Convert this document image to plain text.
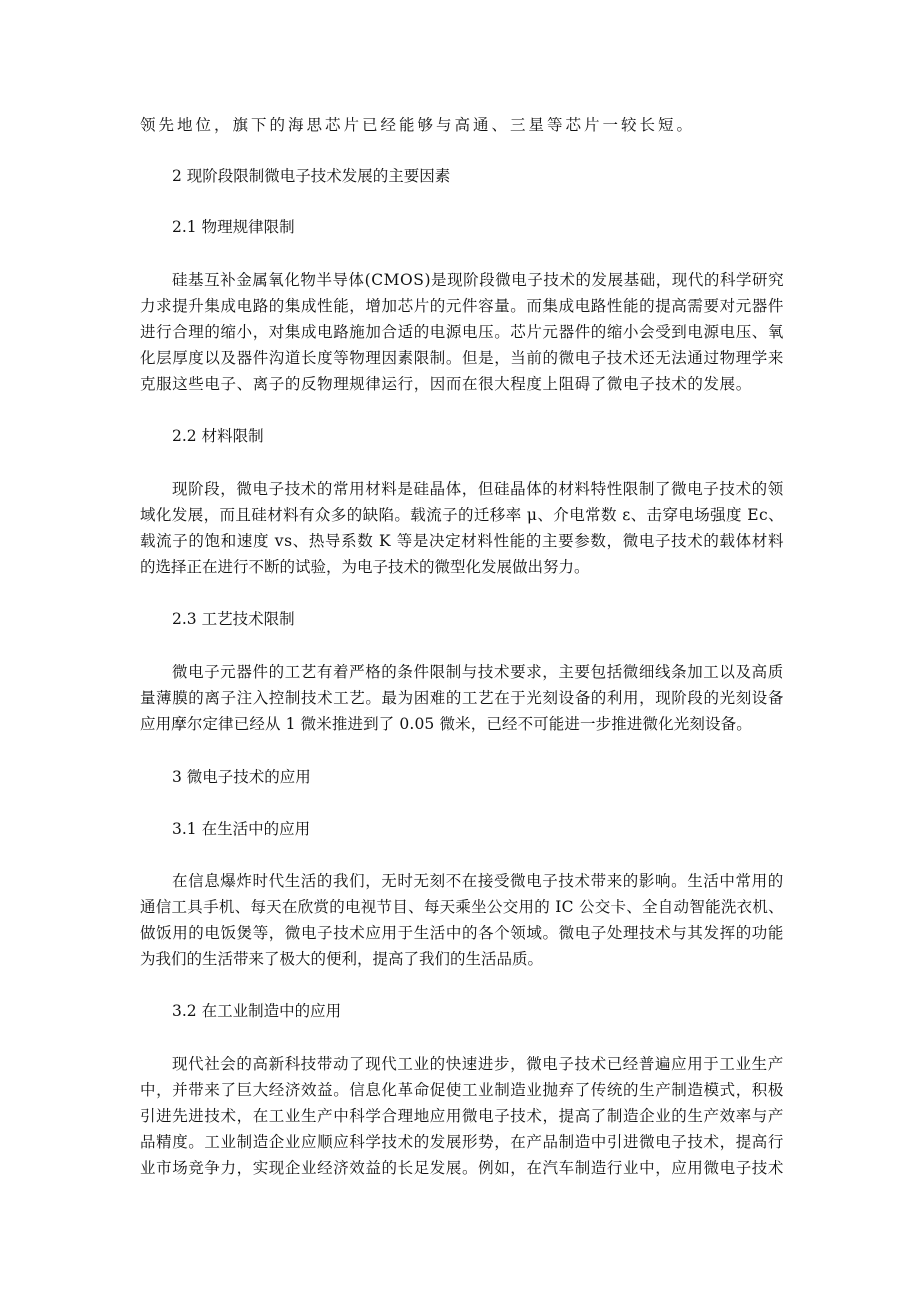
领先地位，旗下的海思芯片已经能够与高通、三星等芯片一较长短。
2 现阶段限制微电子技术发展的主要因素
2.1 物理规律限制
硅基互补金属氧化物半导体(CMOS)是现阶段微电子技术的发展基础，现代的科学研究
力求提升集成电路的集成性能，增加芯片的元件容量。而集成电路性能的提高需要对元器件
进行合理的缩小，对集成电路施加合适的电源电压。芯片元器件的缩小会受到电源电压、氧
化层厚度以及器件沟道长度等物理因素限制。但是，当前的微电子技术还无法通过物理学来
克服这些电子、离子的反物理规律运行，因而在很大程度上阻碍了微电子技术的发展。
2.2 材料限制
现阶段，微电子技术的常用材料是硅晶体，但硅晶体的材料特性限制了微电子技术的领
域化发展，而且硅材料有众多的缺陷。载流子的迁移率 μ、介电常数 ε、击穿电场强度 Ec、
载流子的饱和速度 vs、热导系数 K 等是决定材料性能的主要参数，微电子技术的载体材料
的选择正在进行不断的试验，为电子技术的微型化发展做出努力。
2.3 工艺技术限制
微电子元器件的工艺有着严格的条件限制与技术要求，主要包括微细线条加工以及高质
量薄膜的离子注入控制技术工艺。最为困难的工艺在于光刻设备的利用，现阶段的光刻设备
应用摩尔定律已经从 1 微米推进到了 0.05 微米，已经不可能进一步推进微化光刻设备。
3 微电子技术的应用
3.1 在生活中的应用
在信息爆炸时代生活的我们，无时无刻不在接受微电子技术带来的影响。生活中常用的
通信工具手机、每天在欣赏的电视节目、每天乘坐公交用的 IC 公交卡、全自动智能洗衣机、
做饭用的电饭煲等，微电子技术应用于生活中的各个领域。微电子处理技术与其发挥的功能
为我们的生活带来了极大的便利，提高了我们的生活品质。
3.2 在工业制造中的应用
现代社会的高新科技带动了现代工业的快速进步，微电子技术已经普遍应用于工业生产
中，并带来了巨大经济效益。信息化革命促使工业制造业抛弃了传统的生产制造模式，积极
引进先进技术，在工业生产中科学合理地应用微电子技术，提高了制造企业的生产效率与产
品精度。工业制造企业应顺应科学技术的发展形势，在产品制造中引进微电子技术，提高行
业市场竞争力，实现企业经济效益的长足发展。例如，在汽车制造行业中，应用微电子技术
